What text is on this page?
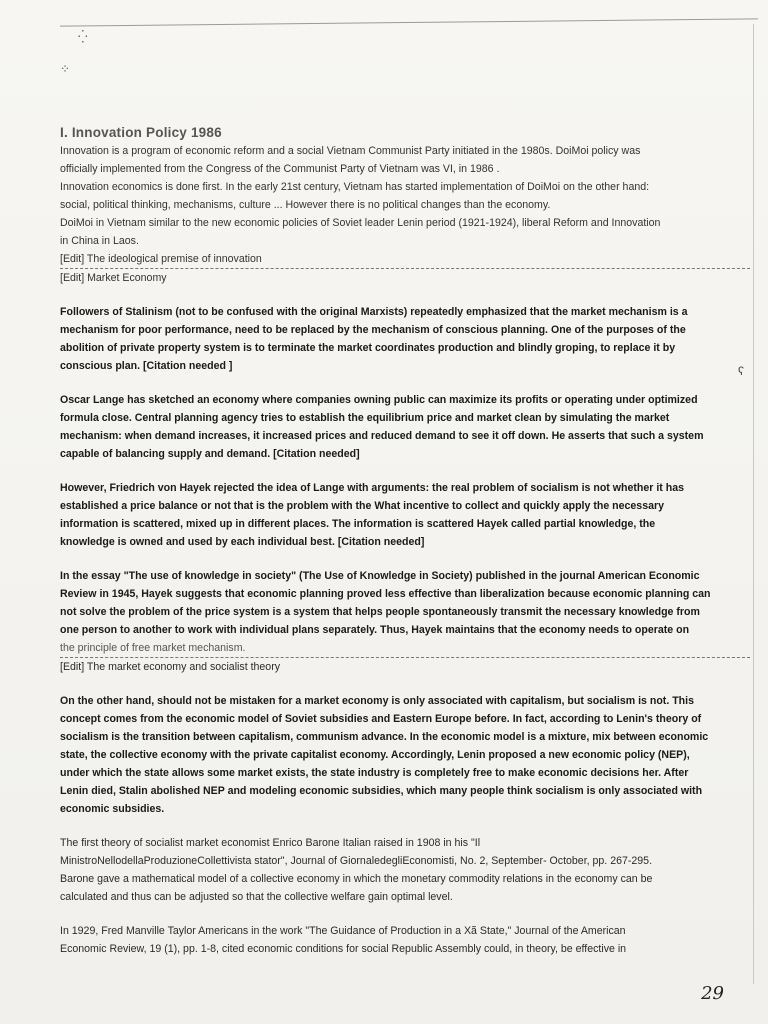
⁛
⁘

I. Innovation Policy 1986

Innovation is a program of economic reform and a social Vietnam Communist Party initiated in the 1980s. DoiMoi policy was

officially implemented from the Congress of the Communist Party of Vietnam was VI, in 1986 .

Innovation economics is done first. In the early 21st century, Vietnam has started implementation of DoiMoi on the other hand:

social, political thinking, mechanisms, culture ... However there is no political changes than the economy.

DoiMoi in Vietnam similar to the new economic policies of Soviet leader Lenin period (1921-1924), liberal Reform and Innovation

in China in Laos.

[Edit] The ideological premise of innovation

[Edit] Market Economy

Followers of Stalinism (not to be confused with the original Marxists) repeatedly emphasized that the market mechanism is a

mechanism for poor performance, need to be replaced by the mechanism of conscious planning. One of the purposes of the

abolition of private property system is to terminate the market coordinates production and blindly groping, to replace it by

conscious plan. [Citation needed ]

Oscar Lange has sketched an economy where companies owning public can maximize its profits or operating under optimized

formula close. Central planning agency tries to establish the equilibrium price and market clean by simulating the market

mechanism: when demand increases, it increased prices and reduced demand to see it off down. He asserts that such a system

capable of balancing supply and demand. [Citation needed]

However, Friedrich von Hayek rejected the idea of Lange with arguments: the real problem of socialism is not whether it has

established a price balance or not that is the problem with the What incentive to collect and quickly apply the necessary

information is scattered, mixed up in different places. The information is scattered Hayek called partial knowledge, the

knowledge is owned and used by each individual best. [Citation needed]

In the essay "The use of knowledge in society" (The Use of Knowledge in Society) published in the journal American Economic

Review in 1945, Hayek suggests that economic planning proved less effective than liberalization because economic planning can

not solve the problem of the price system is a system that helps people spontaneously transmit the necessary knowledge from

one person to another to work with individual plans separately. Thus, Hayek maintains that the economy needs to operate on

the principle of free market mechanism.

[Edit] The market economy and socialist theory

On the other hand, should not be mistaken for a market economy is only associated with capitalism, but socialism is not. This

concept comes from the economic model of Soviet subsidies and Eastern Europe before. In fact, according to Lenin's theory of

socialism is the transition between capitalism, communism advance. In the economic model is a mixture, mix between economic

state, the collective economy with the private capitalist economy. Accordingly, Lenin proposed a new economic policy (NEP),

under which the state allows some market exists, the state industry is completely free to make economic decisions her. After

Lenin died, Stalin abolished NEP and modeling economic subsidies, which many people think socialism is only associated with

economic subsidies.

The first theory of socialist market economist Enrico Barone Italian raised in 1908 in his "Il

MinistroNellodellaProduzioneCollettivista stator", Journal of GiornaledegliEconomisti, No. 2, September- October, pp. 267-295.

Barone gave a mathematical model of a collective economy in which the monetary commodity relations in the economy can be

calculated and thus can be adjusted so that the collective welfare gain optimal level.

In 1929, Fred Manville Taylor Americans in the work "The Guidance of Production in a Xã State," Journal of the American

Economic Review, 19 (1), pp. 1-8, cited economic conditions for social Republic Assembly could, in theory, be effective in

ʕ
29
